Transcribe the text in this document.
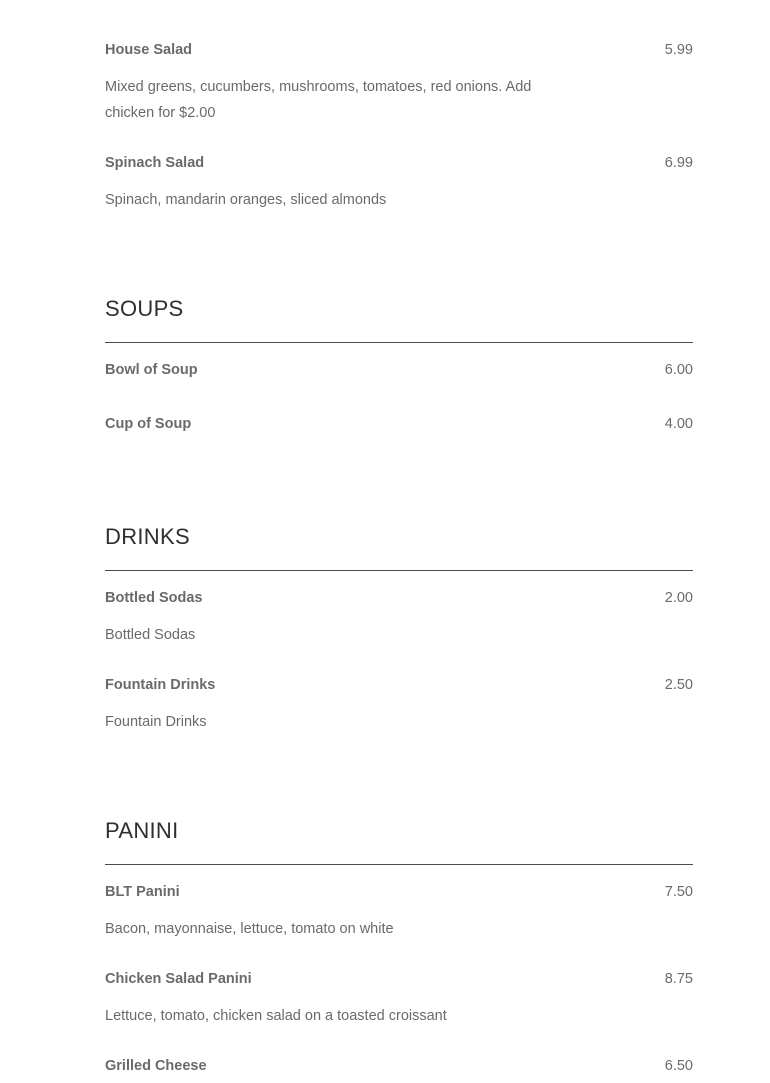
House Salad	5.99
Mixed greens, cucumbers, mushrooms, tomatoes, red onions. Add chicken for $2.00
Spinach Salad	6.99
Spinach, mandarin oranges, sliced almonds
SOUPS
Bowl of Soup	6.00
Cup of Soup	4.00
DRINKS
Bottled Sodas	2.00
Bottled Sodas
Fountain Drinks	2.50
Fountain Drinks
PANINI
BLT Panini	7.50
Bacon, mayonnaise, lettuce, tomato on white
Chicken Salad Panini	8.75
Lettuce, tomato, chicken salad on a toasted croissant
Grilled Cheese	6.50
